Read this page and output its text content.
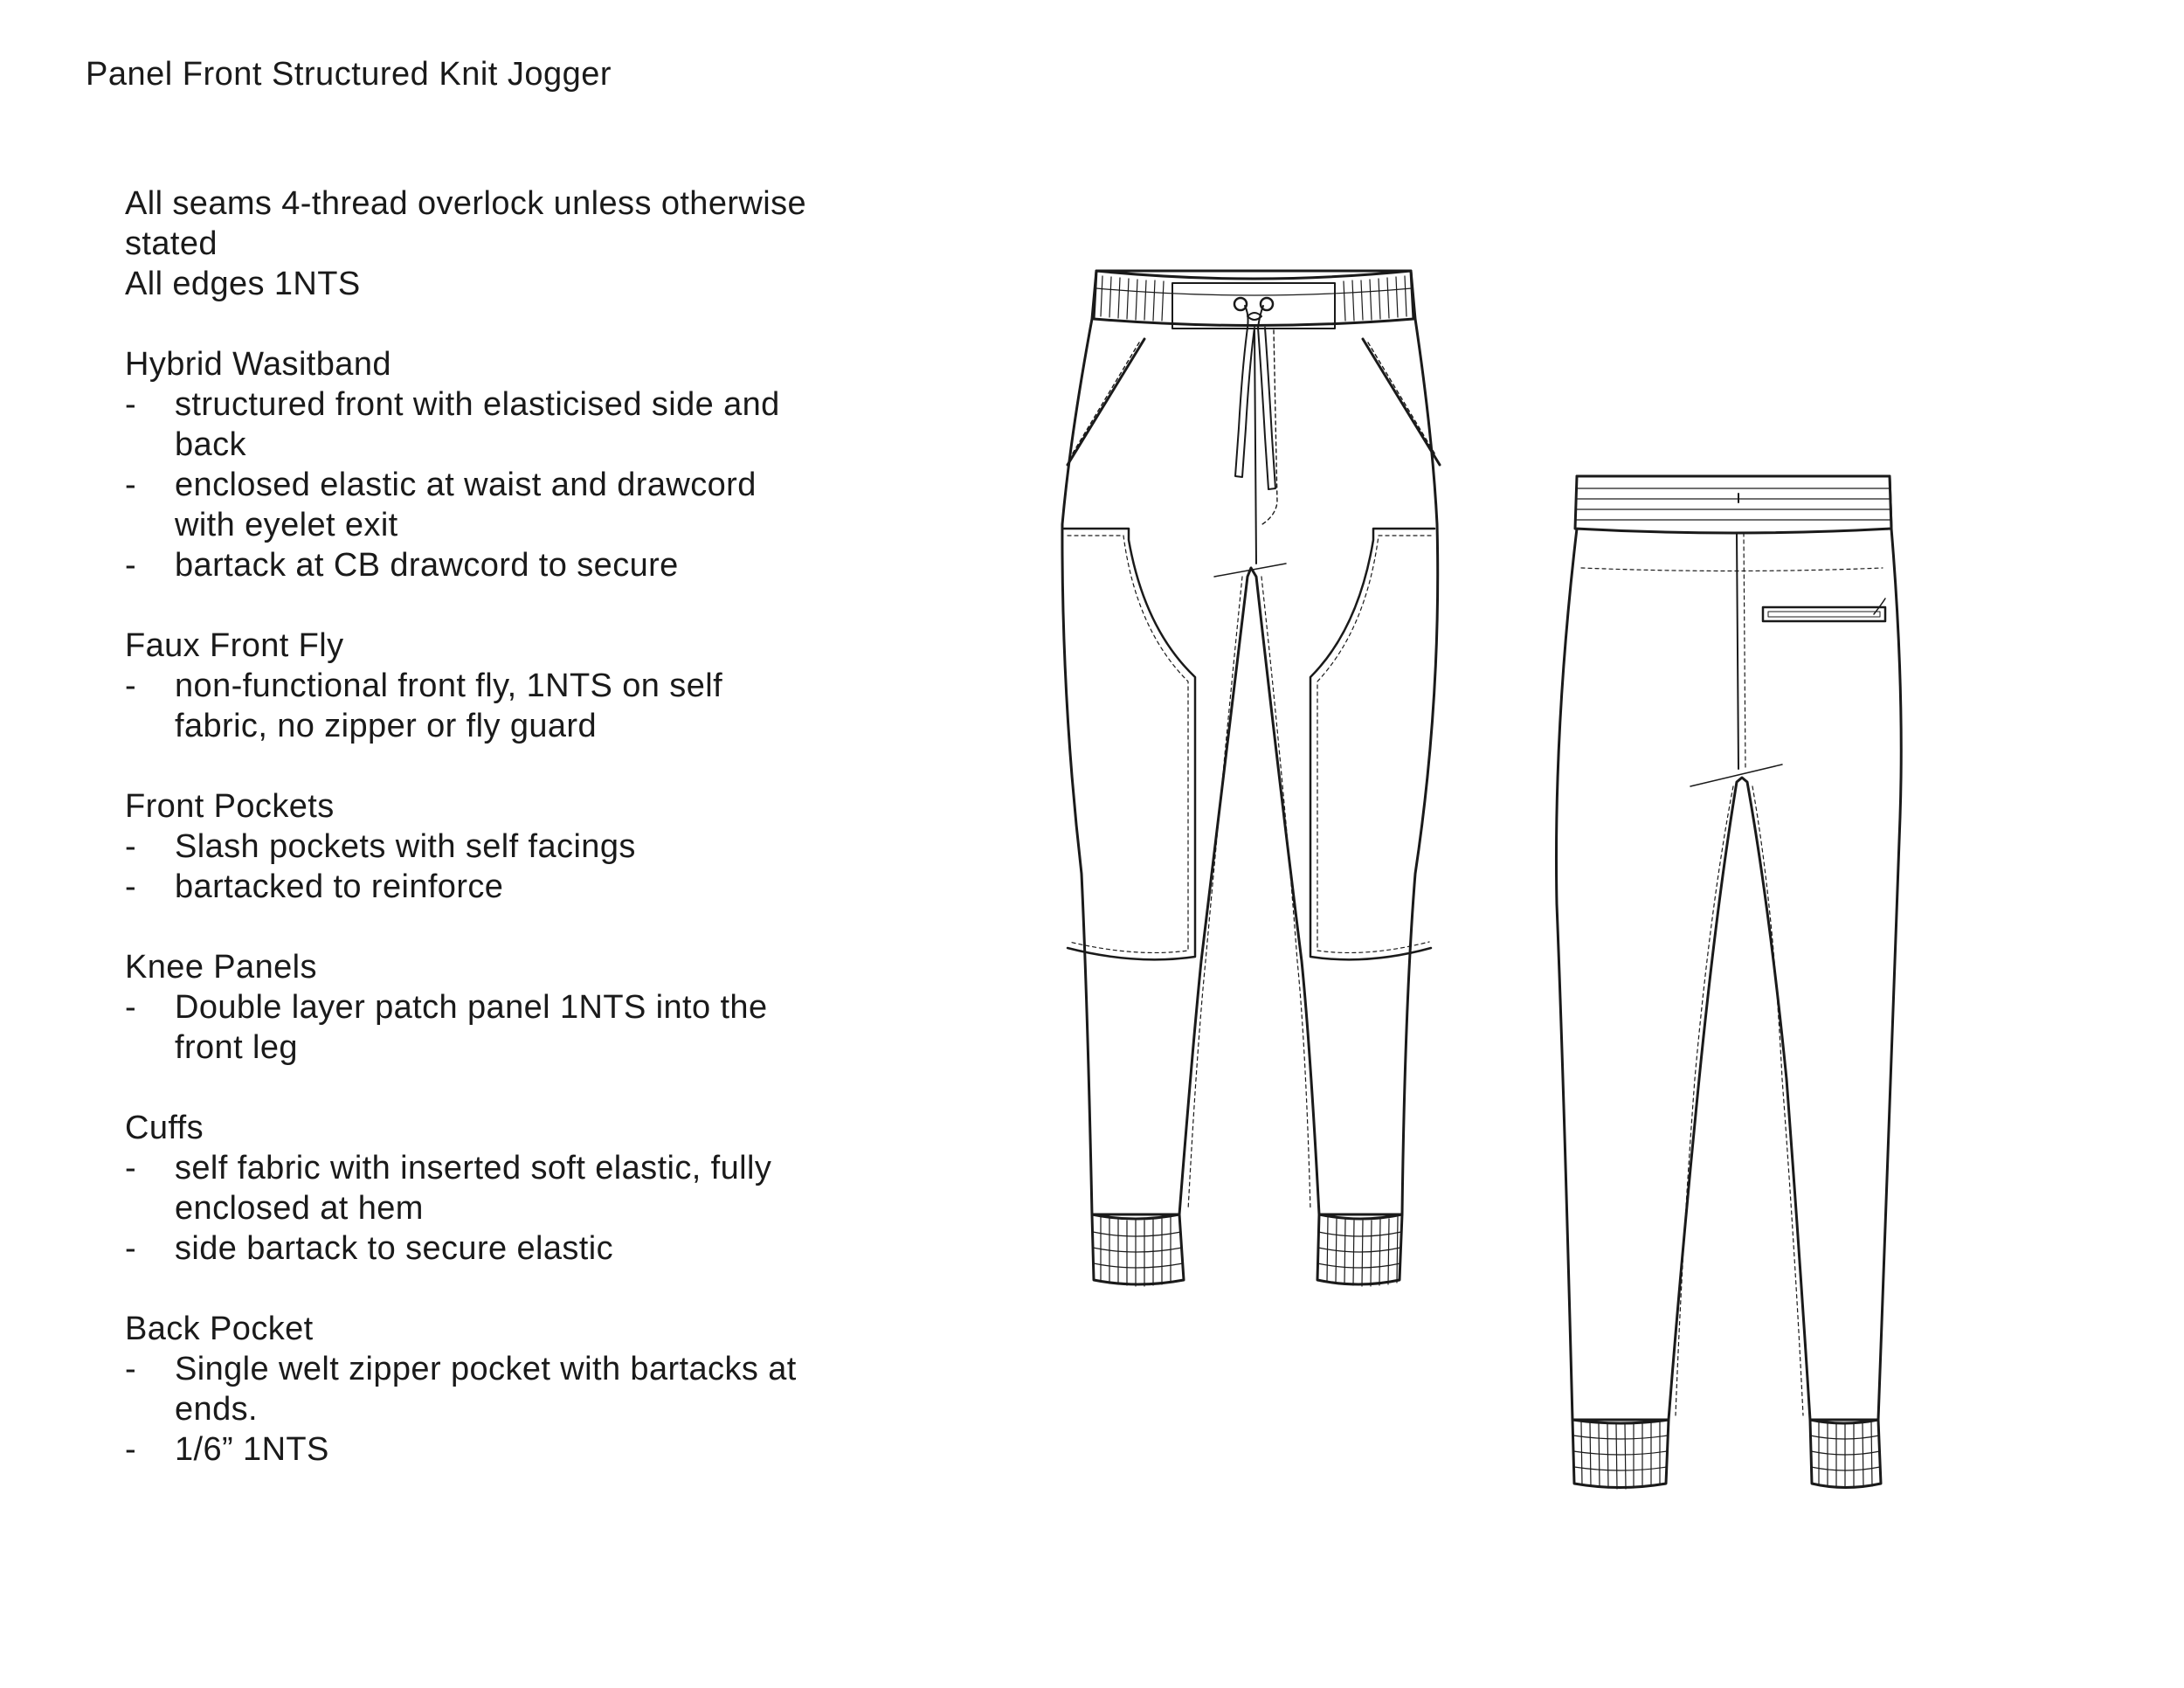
Panel Front Structured Knit Jogger

All seams 4-thread overlock unless otherwise stated

All edges 1NTS

Hybrid Wasitband

- structured front with elasticised side and back
- enclosed elastic at waist and drawcord with eyelet exit
- bartack at CB drawcord to secure

Faux Front Fly

- non-functional front fly, 1NTS on self fabric, no zipper or fly guard

Front Pockets

- Slash pockets with self facings
- bartacked to reinforce

Knee Panels

- Double layer patch panel 1NTS into the front leg

Cuffs

- self fabric with inserted soft elastic, fully enclosed at hem
- side bartack to secure elastic

Back Pocket

- Single welt zipper pocket with bartacks at ends.
- 1/6” 1NTS
